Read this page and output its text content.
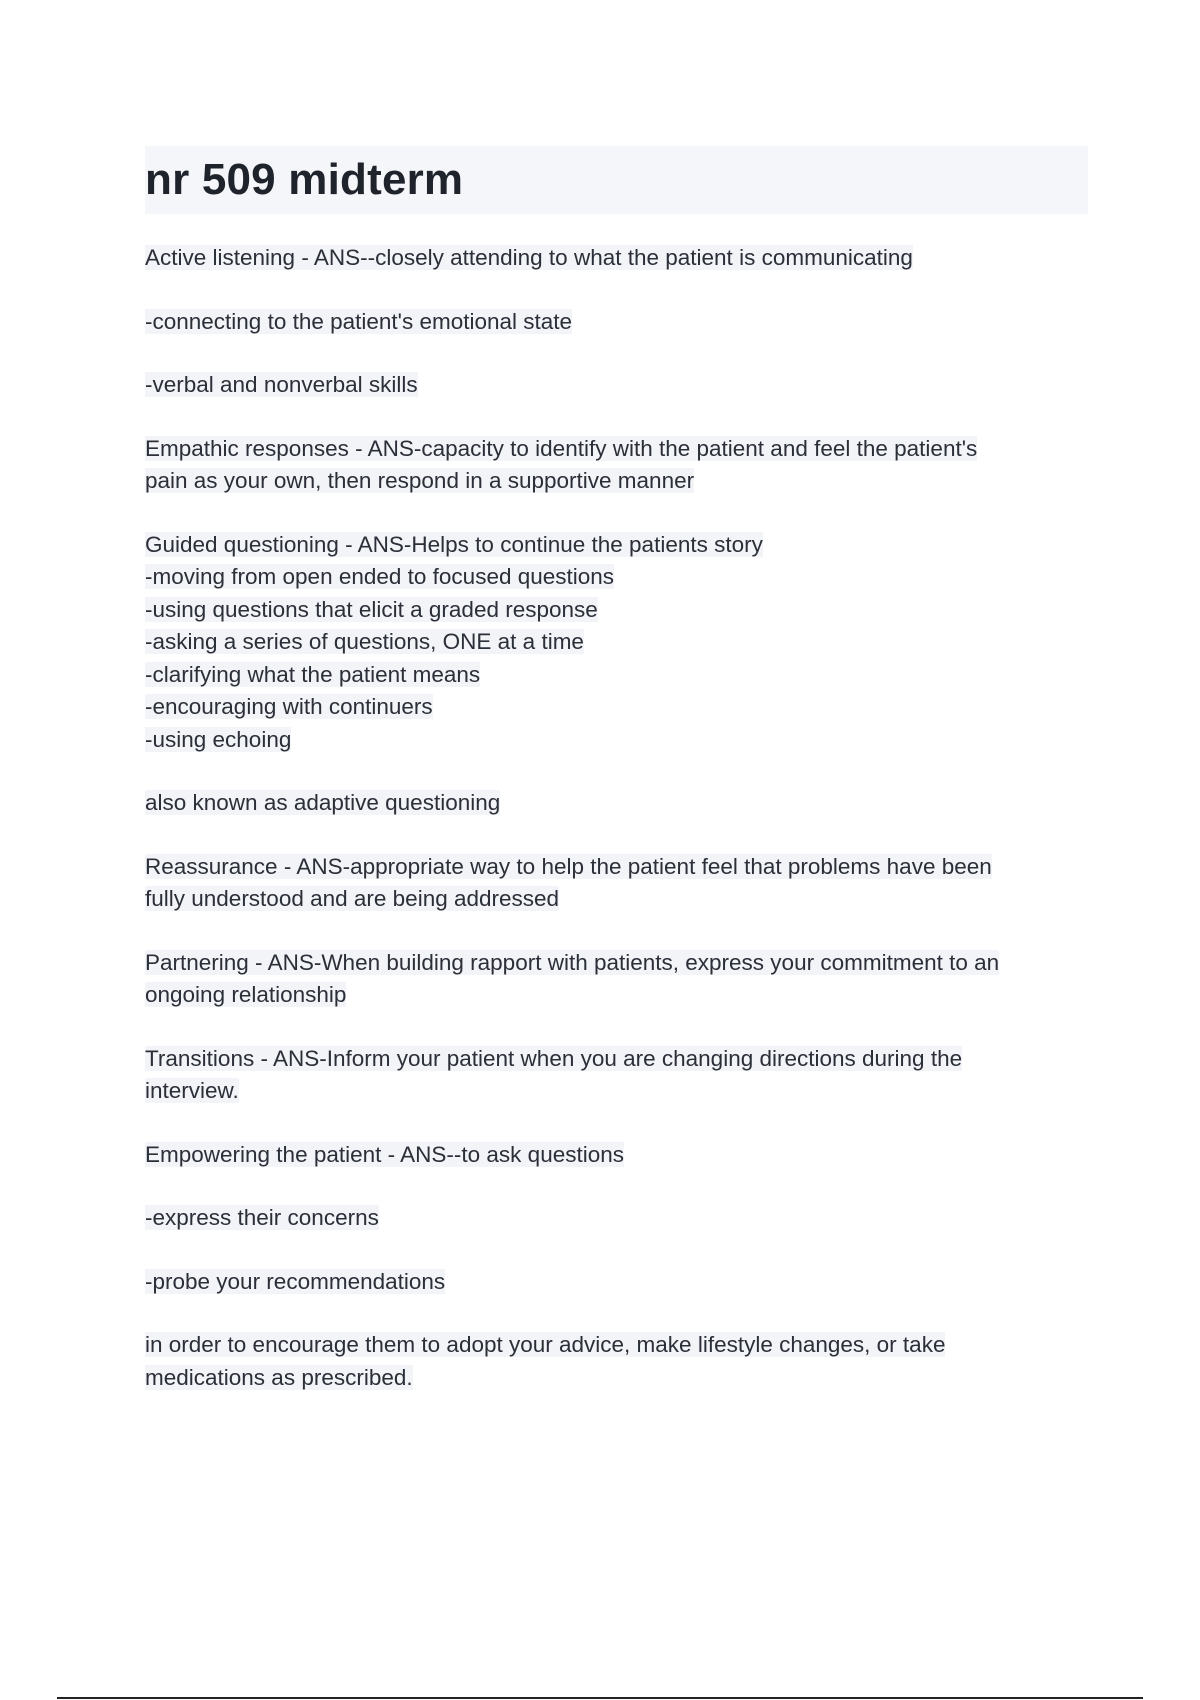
nr 509 midterm
Active listening - ANS--closely attending to what the patient is communicating
-connecting to the patient's emotional state
-verbal and nonverbal skills
Empathic responses - ANS-capacity to identify with the patient and feel the patient's
pain as your own, then respond in a supportive manner
Guided questioning - ANS-Helps to continue the patients story
-moving from open ended to focused questions
-using questions that elicit a graded response
-asking a series of questions, ONE at a time
-clarifying what the patient means
-encouraging with continuers
-using echoing
also known as adaptive questioning
Reassurance - ANS-appropriate way to help the patient feel that problems have been
fully understood and are being addressed
Partnering - ANS-When building rapport with patients, express your commitment to an
ongoing relationship
Transitions - ANS-Inform your patient when you are changing directions during the
interview.
Empowering the patient - ANS--to ask questions
-express their concerns
-probe your recommendations
in order to encourage them to adopt your advice, make lifestyle changes, or take
medications as prescribed.
